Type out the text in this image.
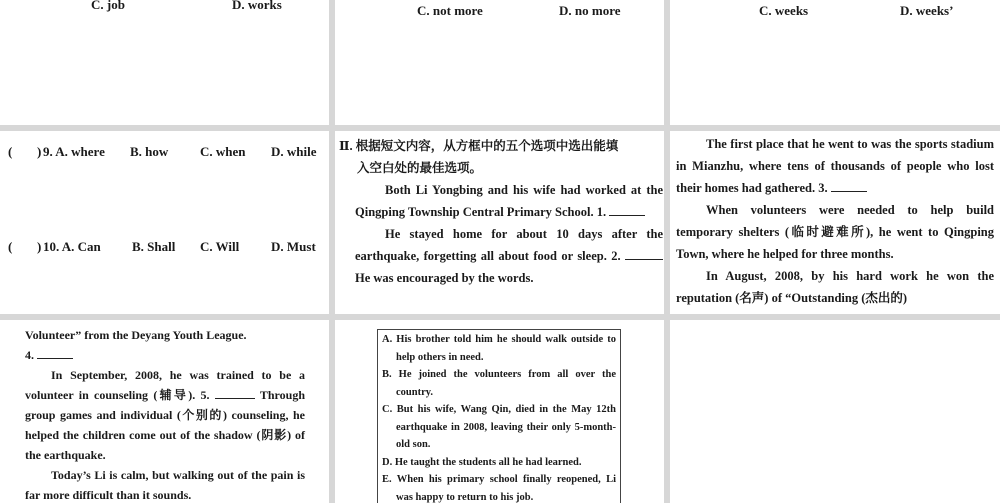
C. job	D. works	C. not more	D. no more	C. weeks	D. weeks’
( ) 9. A. where B. how C. when D. while
( ) 10. A. Can B. Shall C. Will D. Must

Ⅱ. 根据短文内容，从方框中的五个选项中选出能填

入空白处的最佳选项。

Both Li Yongbing and his wife had worked at the Qingping Township Central Primary School. 1.

He stayed home for about 10 days after the earthquake, forgetting all about food or sleep. 2.  He was encouraged by the words.

The first place that he went to was the sports stadium in Mianzhu, where tens of thousands of people who lost their homes had gathered. 3.

When volunteers were needed to help build temporary shelters (临时避难所), he went to Qingping Town, where he helped for three months.

In August, 2008, by his hard work he won the reputation (名声) of “Outstanding (杰出的)

Volunteer” from the Deyang Youth League.

4.

In September, 2008, he was trained to be a volunteer in counseling (辅导). 5.	Through group games and individual (个别的) counseling, he helped the children come out of the shadow (阴影) of the earthquake.

Today’s Li is calm, but walking out of the pain is far more difficult than it sounds.

A. His brother told him he should walk outside to help others in need.
B. He joined the volunteers from all over the country.
C. But his wife, Wang Qin, died in the May 12th earthquake in 2008, leaving their only 5-month-old son.
D. He taught the students all he had learned.
E. When his primary school finally reopened, Li was happy to return to his job.
